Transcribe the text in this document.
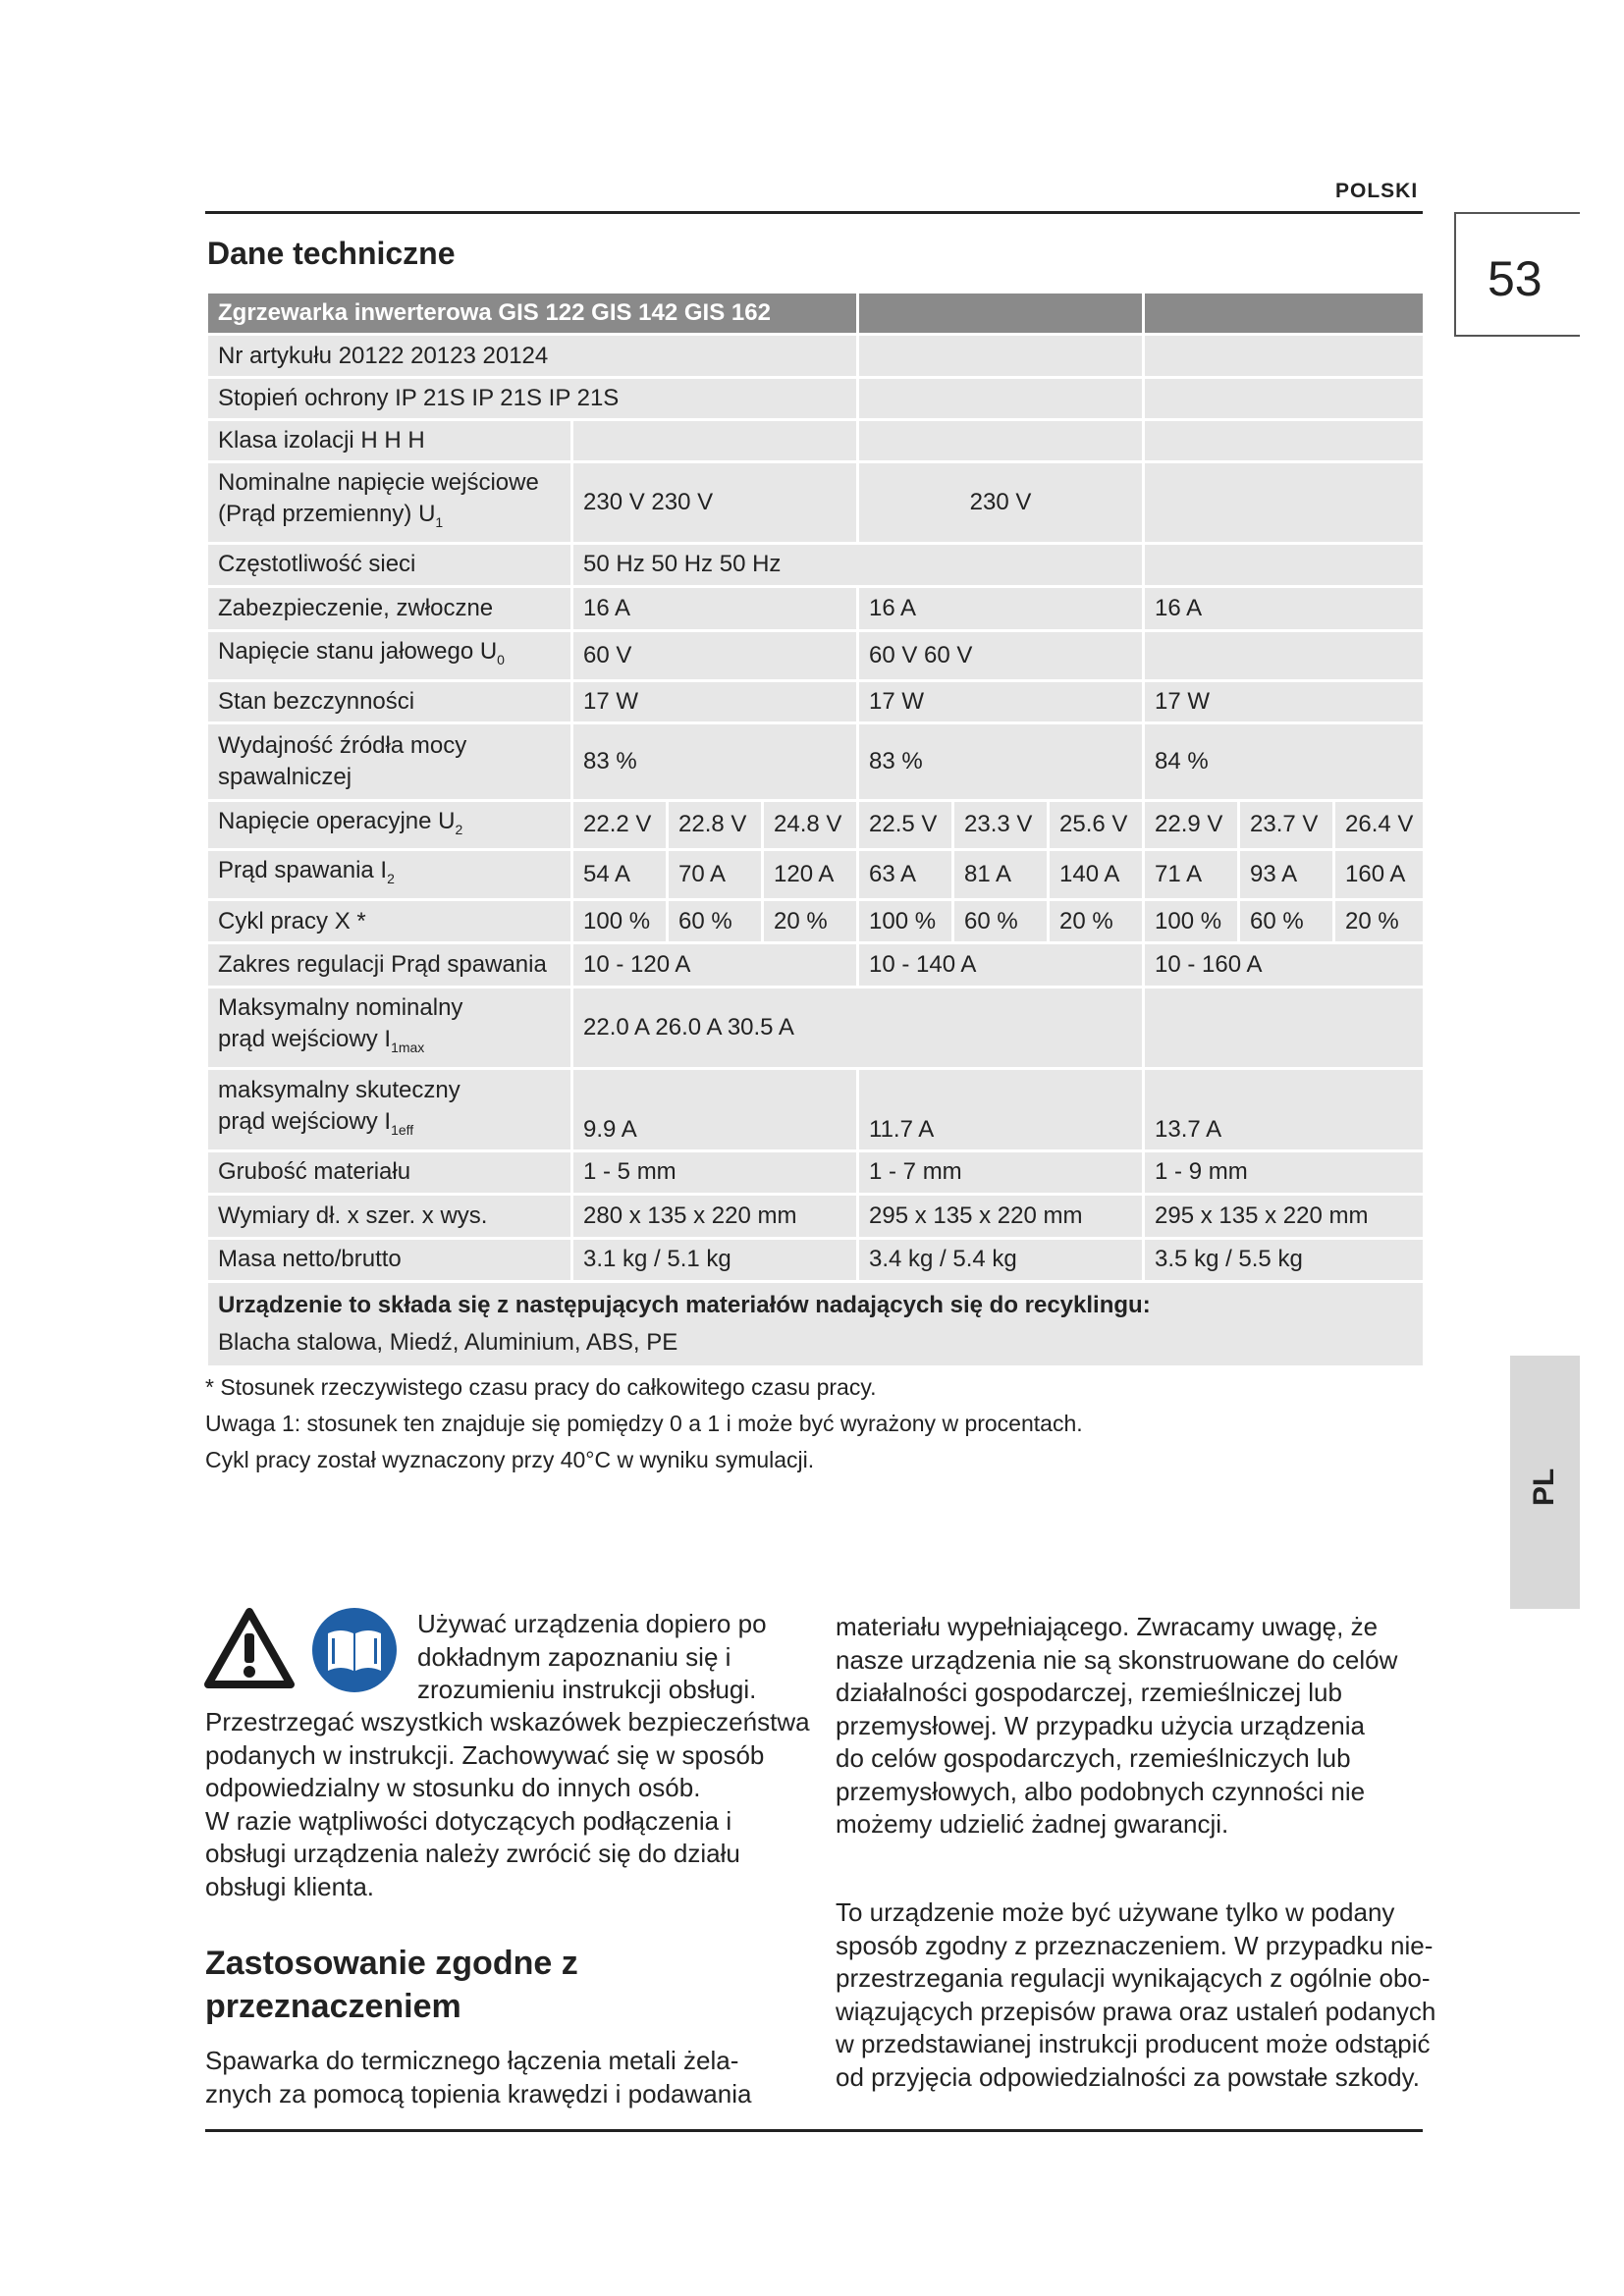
POLSKI
53
PL
Dane techniczne
Zgrzewarka inwerterowa GIS 122 GIS 142 GIS 162									
Nr artykułu 20122 20123 20124									
Stopień ochrony IP 21S IP 21S IP 21S									
Klasa izolacji H H H									
Nominalne napięcie wejściowe
(Prąd przemienny) $U_1$	230 V 230 V			230 V					
Częstotliwość sieci	50 Hz 50 Hz 50 Hz								
Zabezpieczenie, zwłoczne	16 A			16 A			16 A		
Napięcie stanu jałowego $U_0$	60 V			60 V 60 V					
Stan bezczynności	17 W			17 W			17 W		
Wydajność źródła mocy
spawalniczej	83 %			83 %			84 %		
Napięcie operacyjne $U_2$	22.2 V	22.8 V	24.8 V	22.5 V	23.3 V	25.6 V	22.9 V	23.7 V	26.4 V
Prąd spawania $I_2$	54 A	70 A	120 A	63 A	81 A	140 A	71 A	93 A	160 A
Cykl pracy X *	100 %	60 %	20 %	100 %	60 %	20 %	100 %	60 %	20 %
Zakres regulacji Prąd spawania	10 - 120 A			10 - 140 A			10 - 160 A		
Maksymalny nominalny
prąd wejściowy $I_{1max}$	22.0 A 26.0 A 30.5 A								
maksymalny skuteczny
prąd wejściowy $I_{1eff}$	9.9 A			11.7 A			13.7 A		
Grubość materiału	1 - 5 mm			1 - 7 mm			1 - 9 mm		
Wymiary dł. x szer. x wys.	280 x 135 x 220 mm			295 x 135 x 220 mm			295 x 135 x 220 mm		
Masa netto/brutto	3.1 kg / 5.1 kg			3.4 kg / 5.4 kg			3.5 kg / 5.5 kg		

Urządzenie to składa się z następujących materiałów nadających się do recyklingu:
Blacha stalowa, Miedź, Aluminium, ABS, PE									
* Stosunek rzeczywistego czasu pracy do całkowitego czasu pracy.
Uwaga 1: stosunek ten znajduje się pomiędzy 0 a 1 i może być wyrażony w procentach.
Cykl pracy został wyznaczony przy 40°C w wyniku symulacji.
Używać urządzenia dopiero po
dokładnym zapoznaniu się i
zrozumieniu instrukcji obsługi.
Przestrzegać wszystkich wskazówek bezpieczeństwa
podanych w instrukcji. Zachowywać się w sposób
odpowiedzialny w stosunku do innych osób.
W razie wątpliwości dotyczących podłączenia i
obsługi urządzenia należy zwrócić się do działu
obsługi klienta.
Zastosowanie zgodne z
przeznaczeniem
Spawarka do termicznego łączenia metali żela-
znych za pomocą topienia krawędzi i podawania
materiału wypełniającego. Zwracamy uwagę, że
nasze urządzenia nie są skonstruowane do celów
działalności gospodarczej, rzemieślniczej lub
przemysłowej. W przypadku użycia urządzenia
do celów gospodarczych, rzemieślniczych lub
przemysłowych, albo podobnych czynności nie
możemy udzielić żadnej gwarancji.
To urządzenie może być używane tylko w podany
sposób zgodny z przeznaczeniem. W przypadku nie-
przestrzegania regulacji wynikających z ogólnie obo-
wiązujących przepisów prawa oraz ustaleń podanych
w przedstawianej instrukcji producent może odstąpić
od przyjęcia odpowiedzialności za powstałe szkody.
